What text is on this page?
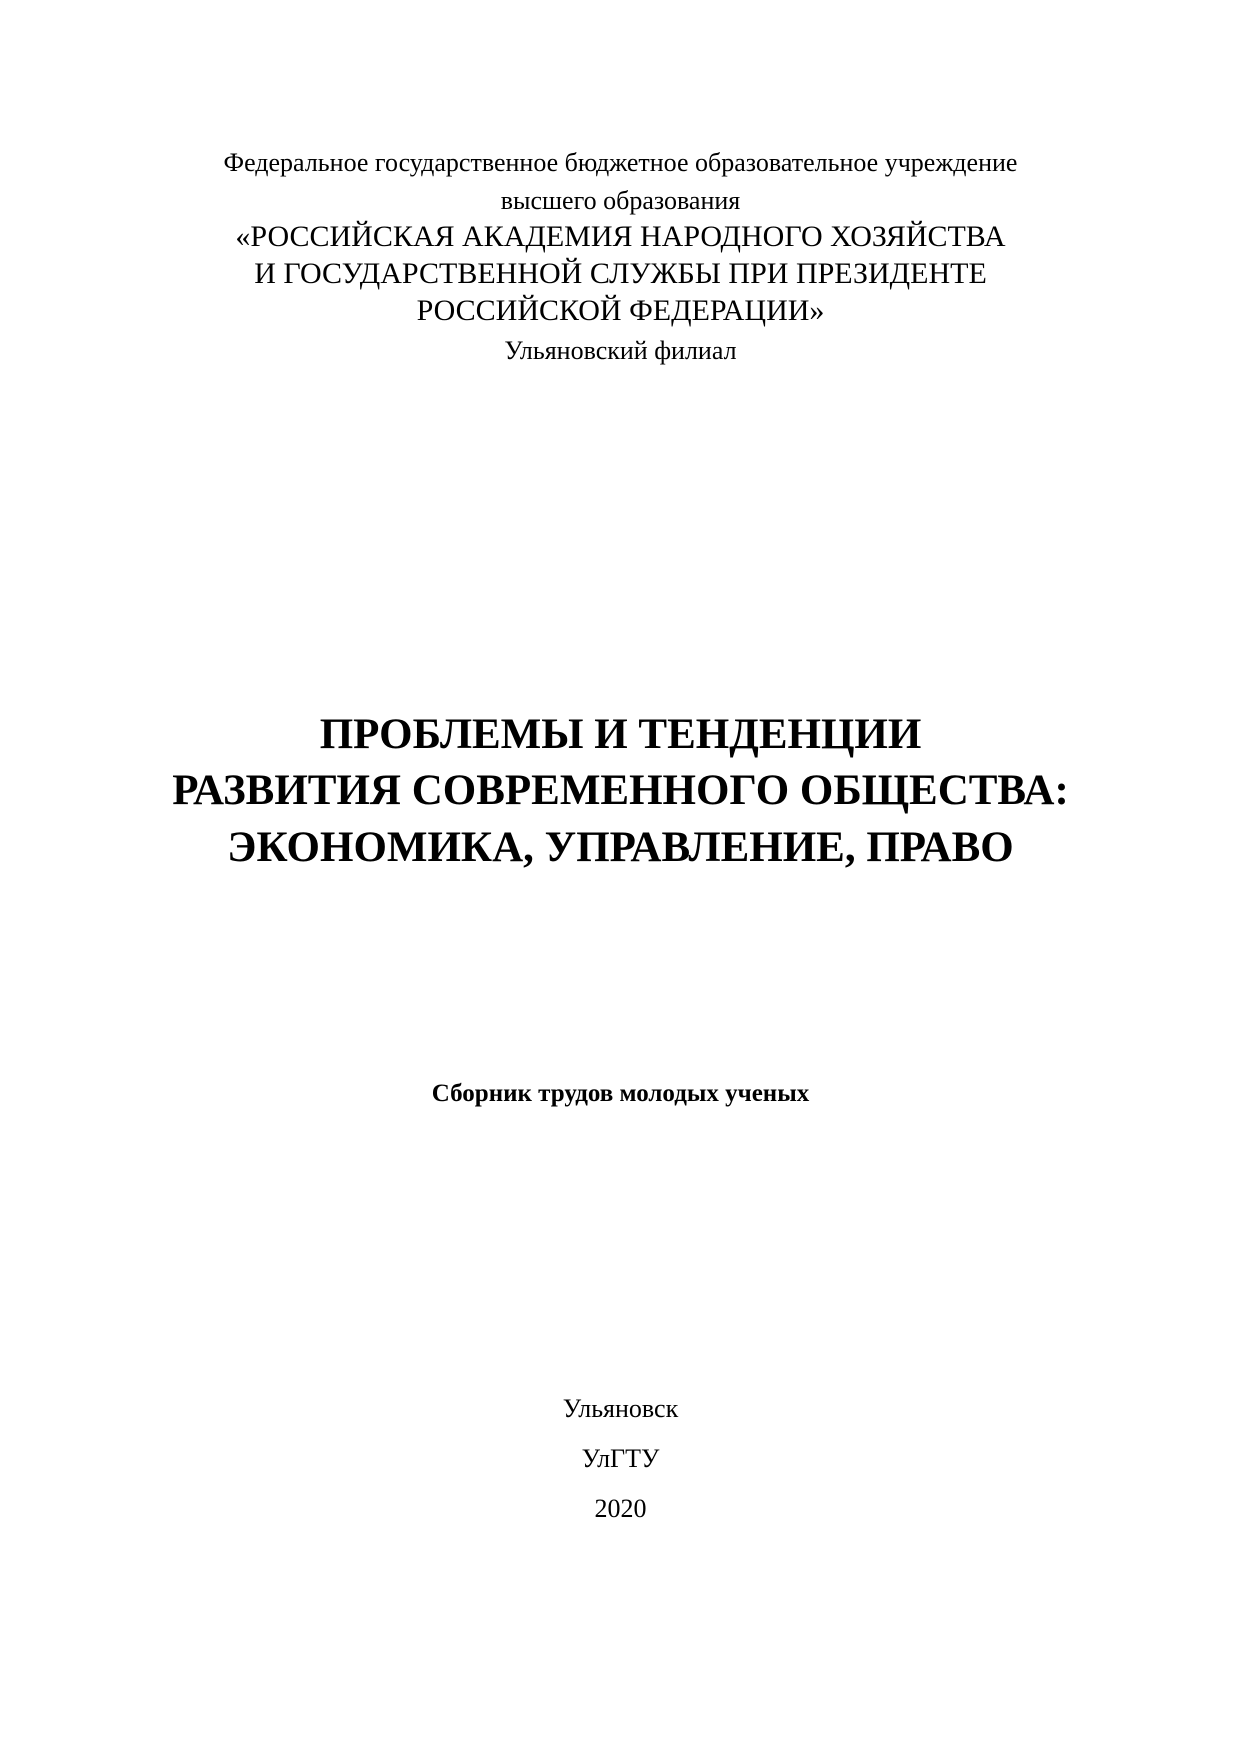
Федеральное государственное бюджетное образовательное учреждение
высшего образования
«РОССИЙСКАЯ АКАДЕМИЯ НАРОДНОГО ХОЗЯЙСТВА
И ГОСУДАРСТВЕННОЙ СЛУЖБЫ ПРИ ПРЕЗИДЕНТЕ
РОССИЙСКОЙ ФЕДЕРАЦИИ»
Ульяновский филиал
ПРОБЛЕМЫ И ТЕНДЕНЦИИ
РАЗВИТИЯ СОВРЕМЕННОГО ОБЩЕСТВА:
ЭКОНОМИКА, УПРАВЛЕНИЕ, ПРАВО
Сборник трудов молодых ученых
Ульяновск
УлГТУ
2020
